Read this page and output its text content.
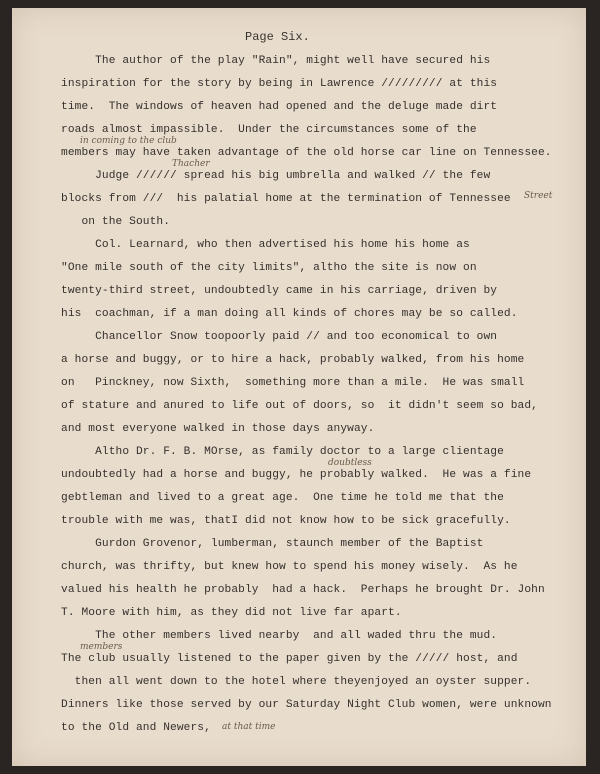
Page Six.
The author of the play "Rain", might well have secured his
inspiration for the story by being in Lawrence ///////// at this
time.  The windows of heaven had opened and the deluge made dirt
roads almost impassible.  Under the circumstances some of the
members may have taken advantage of the old horse car line on Tennessee.
Judge ////// spread his big umbrella and walked // the few
blocks from ///  his palatial home at the termination of Tennessee
on the South.
Col. Learnard, who then advertised his home his home as
"One mile south of the city limits", altho the site is now on
twenty-third street, undoubtedly came in his carriage, driven by
his  coachman, if a man doing all kinds of chores may be so called.
Chancellor Snow toopoorly paid // and too economical to own
a horse and buggy, or to hire a hack, probably walked, from his home
on   Pinckney, now Sixth,  something more than a mile.  He was small
of stature and anured to life out of doors, so  it didn't seem so bad,
and most everyone walked in those days anyway.
Altho Dr. F. B. MOrse, as family doctor to a large clientage
undoubtedly had a horse and buggy, he probably walked.  He was a fine
gebtleman and lived to a great age.  One time he told me that the
trouble with me was, thatI did not know how to be sick gracefully.
Gurdon Grovenor, lumberman, staunch member of the Baptist
church, was thrifty, but knew how to spend his money wisely.  As he
valued his health he probably  had a hack.  Perhaps he brought Dr. John
T. Moore with him, as they did not live far apart.
The other members lived nearby  and all waded thru the mud.
The club usually listened to the paper given by the ///// host, and
then all went down to the hotel where theyenjoyed an oyster supper.
Dinners like those served by our Saturday Night Club women, were unknown
to the Old and Newers,
in coming to the club
Thacher
Street
doubtless
members
at that time
